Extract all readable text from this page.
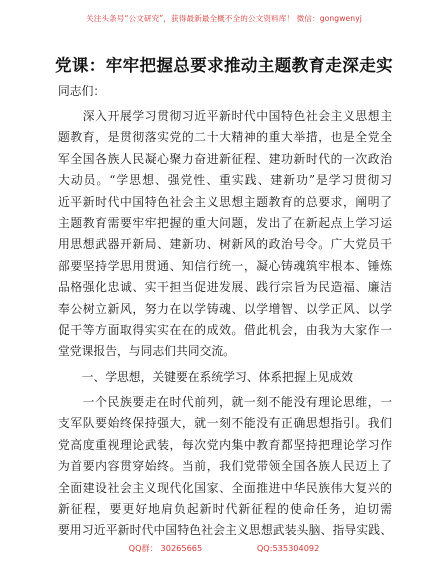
关注头条号“公文研究”，获得最新最全概不全的公文资料库！ 微信：gongwenyj
党课：牢牢把握总要求推动主题教育走深走实
同志们：
　　深入开展学习贯彻习近平新时代中国特色社会主义思想主
题教育，是贯彻落实党的二十大精神的重大举措，也是全党全
军全国各族人民凝心聚力奋进新征程、建功新时代的一次政治
大动员。“学思想、强党性、重实践、建新功”是学习贯彻习
近平新时代中国特色社会主义思想主题教育的总要求，阐明了
主题教育需要牢牢把握的重大问题，发出了在新起点上学习运
用思想武器开新局、建新功、树新风的政治号令。广大党员干
部要坚持学思用贯通、知信行统一，凝心铸魂筑牢根本、锤炼
品格强化忠诚、实干担当促进发展、践行宗旨为民造福、廉洁
奉公树立新风，努力在以学铸魂、以学增智、以学正风、以学
促干等方面取得实实在在的成效。借此机会，由我为大家作一
堂党课报告，与同志们共同交流。
　　一、学思想，关键要在系统学习、体系把握上见成效
　　一个民族要走在时代前列，就一刻不能没有理论思维，一
支军队要始终保持强大，就一刻不能没有正确思想指引。我们
党高度重视理论武装，每次党内集中教育都坚持把理论学习作
为首要内容贯穿始终。当前，我们党带领全国各族人民迈上了
全面建设社会主义现代化国家、全面推进中华民族伟大复兴的
新征程，要更好地肩负起新时代新征程的使命任务，迫切需
要用习近平新时代中国特色社会主义思想武装头脑、指导实践、
QQ群： 30265665	QQ:535304092
